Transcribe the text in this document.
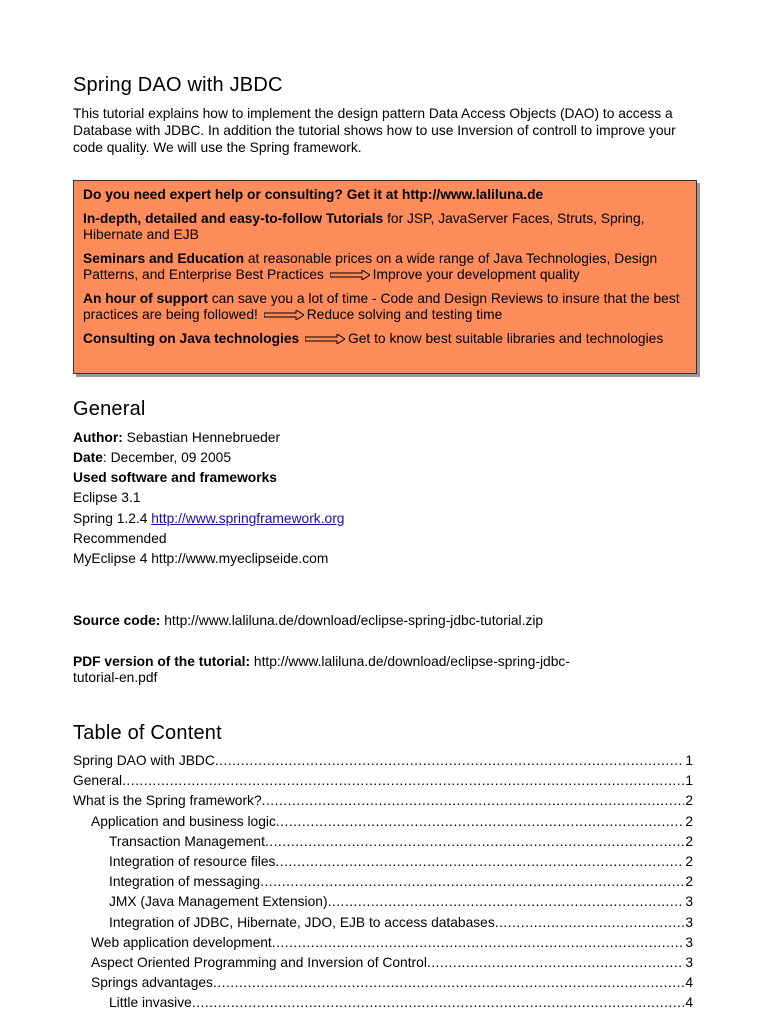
Spring DAO with JBDC

This tutorial explains how to implement the design pattern Data Access Objects (DAO) to access a Database with JDBC. In addition the tutorial shows how to use Inversion of controll to improve your code quality. We will use the Spring framework.

Do you need expert help or consulting? Get it at http://www.laliluna.de
In-depth, detailed and easy-to-follow Tutorials for JSP, JavaServer Faces, Struts, Spring, Hibernate and EJB
Seminars and Education at reasonable prices on a wide range of Java Technologies, Design Patterns, and Enterprise Best Practices	Improve your development quality
An hour of support can save you a lot of time - Code and Design Reviews to insure that the best practices are being followed!	Reduce solving and testing time
Consulting on Java technologies	Get to know best suitable libraries and technologies
General

Author: Sebastian Hennebrueder

Date: December, 09 2005

Used software and frameworks

Eclipse 3.1

Spring 1.2.4 http://www.springframework.org

Recommended

MyEclipse 4 http://www.myeclipseide.com

Source code: http://www.laliluna.de/download/eclipse-spring-jdbc-tutorial.zip

PDF version of the tutorial: http://www.laliluna.de/download/eclipse-spring-jdbc-

tutorial-en.pdf

Table of Content
Spring DAO with JBDC .....	1
General .....	1
What is the Spring framework? .....	2
Application and business logic .....	2
Transaction Management .....	2
Integration of resource files .....	2
Integration of messaging .....	2
JMX (Java Management Extension) .....	3
Integration of JDBC, Hibernate, JDO, EJB to access databases .....	3
Web application development .....	3
Aspect Oriented Programming and Inversion of Control .....	3
Springs advantages .....	4
Little invasive .....	4
